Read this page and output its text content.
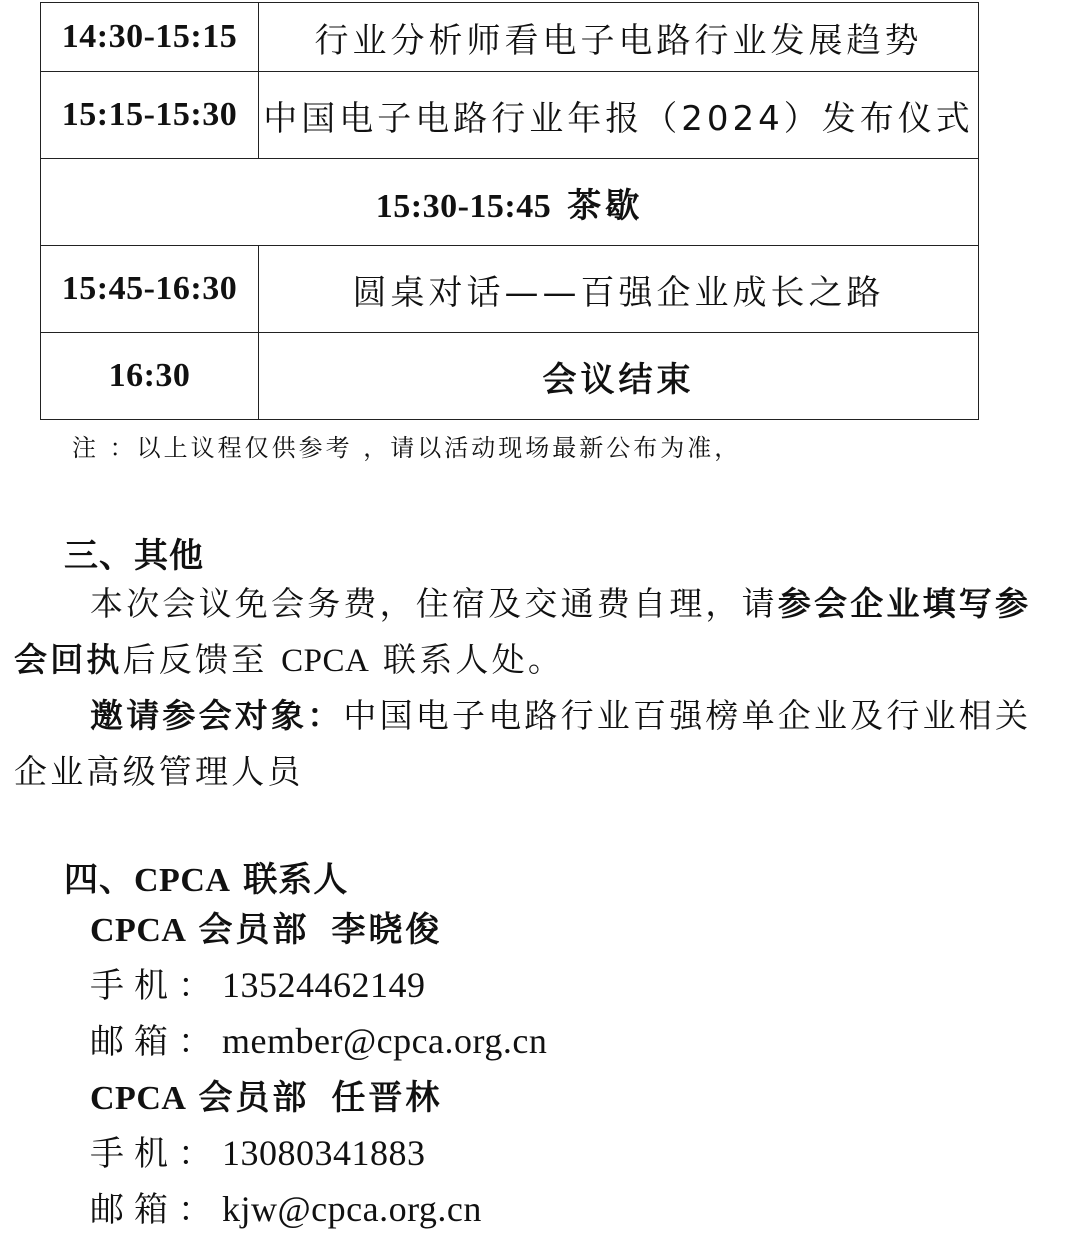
14:30-15:15	行业分析师看电子电路行业发展趋势
15:15-15:30	中国电子电路行业年报（2024）发布仪式
15:30-15:45 茶歇	
15:45-16:30	圆桌对话——百强企业成长之路
16:30	会议结束
注 ：以上议程仅供参考 ，请以活动现场最新公布为准，
三、其他
本次会议免会务费，住宿及交通费自理，请参会企业填写参
会回执后反馈至 CPCA 联系人处。
邀请参会对象：中国电子电路行业百强榜单企业及行业相关
企业高级管理人员
四、CPCA 联系人
CPCA 会员部 李晓俊
手机：13524462149
邮箱：member@cpca.org.cn
CPCA 会员部 任晋林
手机：13080341883
邮箱：kjw@cpca.org.cn
